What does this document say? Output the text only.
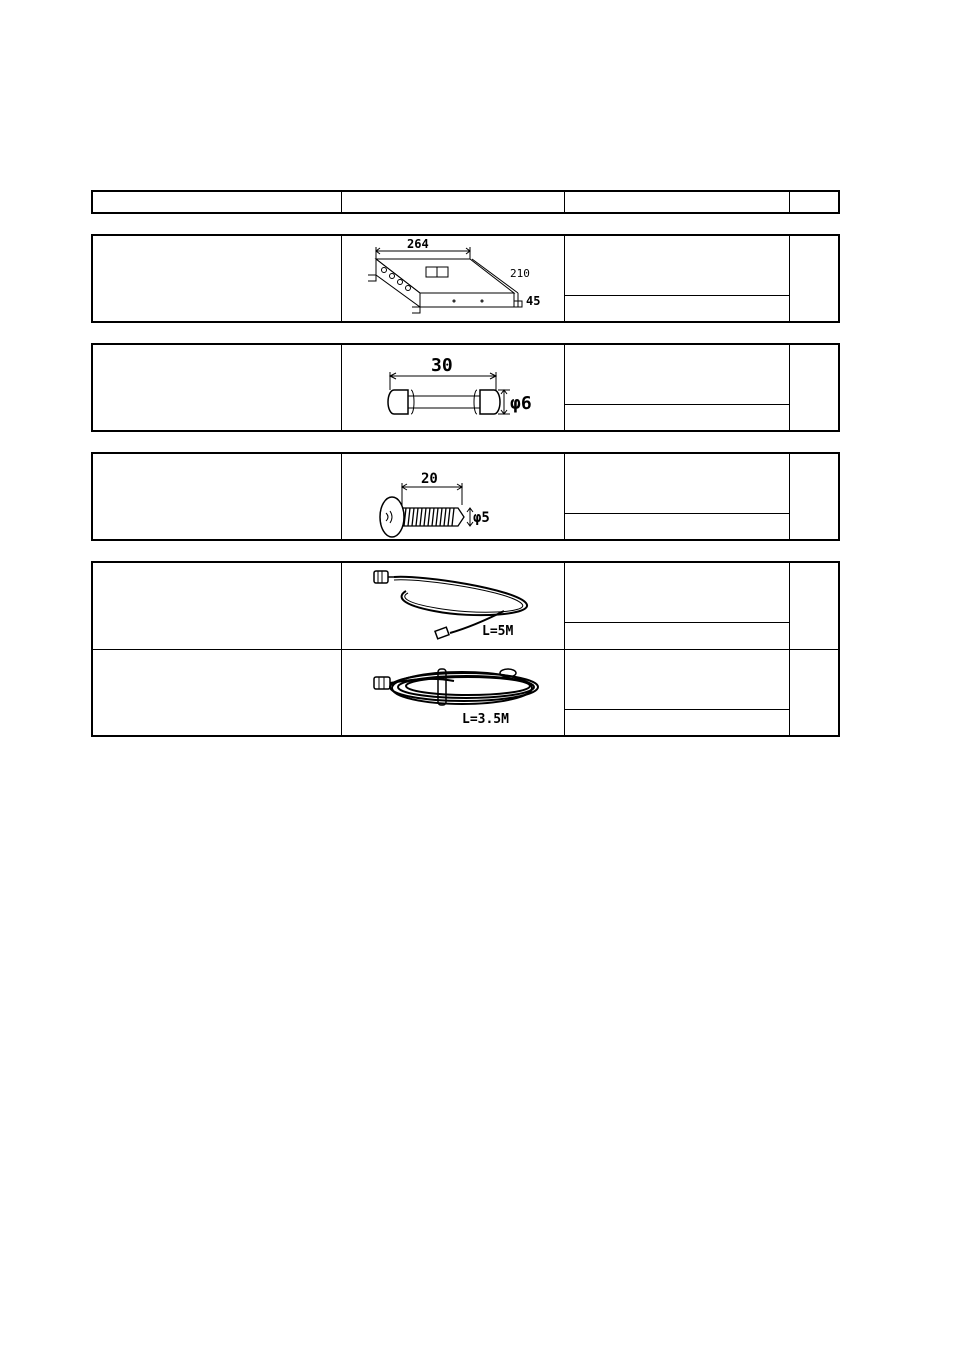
264
210
45
30
φ6
20
φ5
L=5M
L=3.5M
